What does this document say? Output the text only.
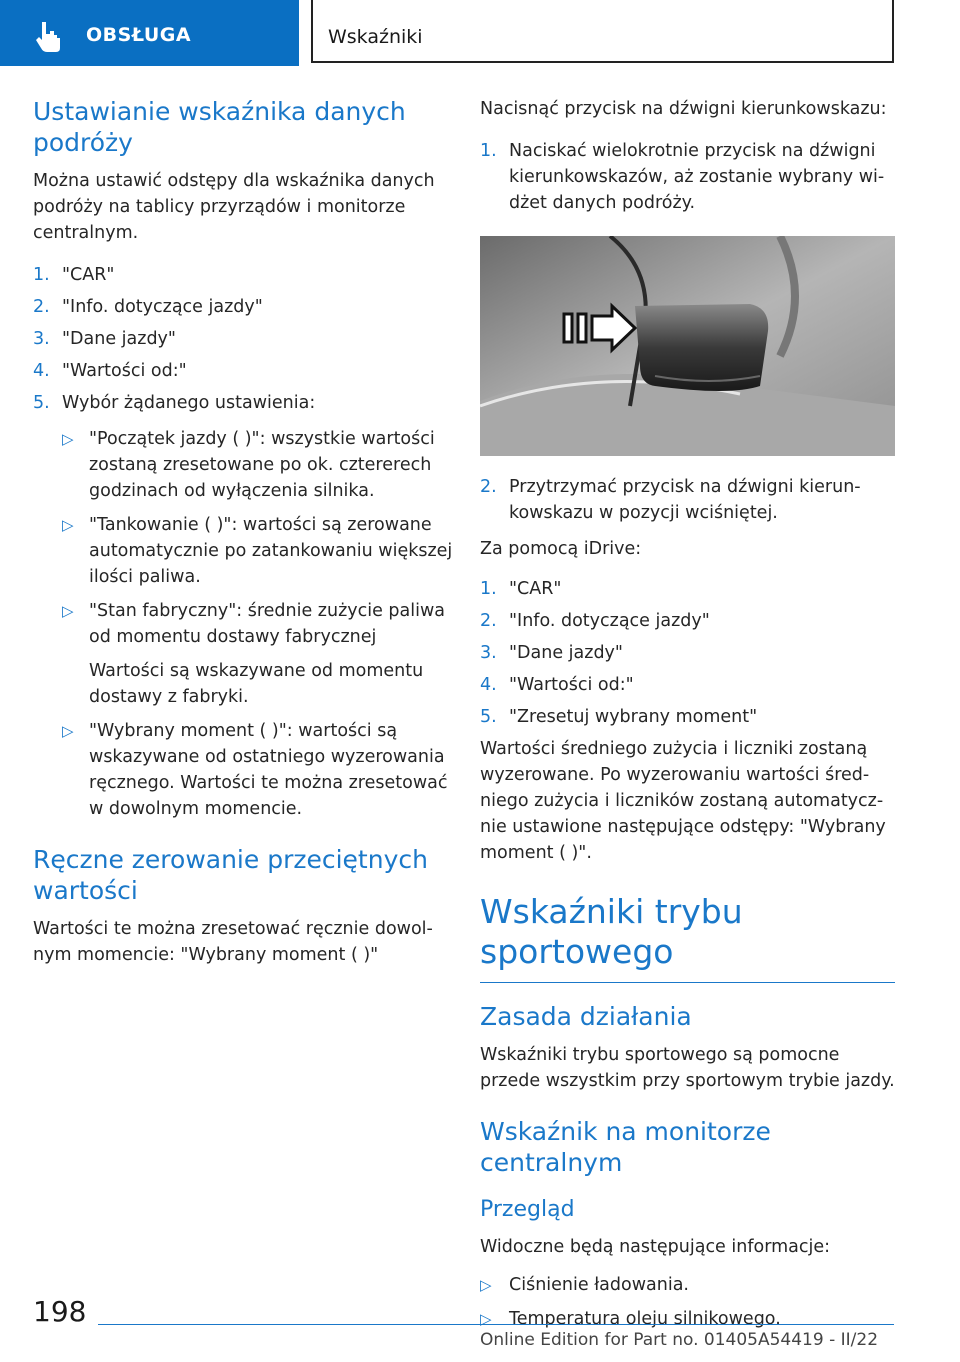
OBSŁUGA	Wskaźniki
Ustawianie wskaźnika danych podróży

Można ustawić odstępy dla wskaźnika danych podróży na tablicy przyrządów i monitorze centralnym.

1. "CAR"
2. "Info. dotyczące jazdy"
3. "Dane jazdy"
4. "Wartości od:"
5. Wybór żądanego ustawienia:
▷ "Początek jazdy ( )": wszystkie wartości zostaną zresetowane po ok. cztererech godzinach od wyłączenia silnika.
▷ "Tankowanie ( )": wartości są zerowane automatycznie po zatankowaniu większej ilości paliwa.
▷ "Stan fabryczny": średnie zużycie paliwa od momentu dostawy fabrycznej
Wartości są wskazywane od momentu dostawy z fabryki.
▷ "Wybrany moment ( )": wartości są wskazywane od ostatniego wyzerowania ręcznego. Wartości te można zresetować w dowolnym momencie.
Ręczne zerowanie przeciętnych wartości

Wartości te można zresetować ręcznie dowolnym momencie: "Wybrany moment ( )"

Nacisnąć przycisk na dźwigni kierunkowskazu:

1. Naciskać wielokrotnie przycisk na dźwigni kierunkowskazów, aż zostanie wybrany widżet danych podróży.
2. Przytrzymać przycisk na dźwigni kierunkowskazu w pozycji wciśniętej.

Za pomocą iDrive:

1. "CAR"
2. "Info. dotyczące jazdy"
3. "Dane jazdy"
4. "Wartości od:"
5. "Zresetuj wybrany moment"

Wartości średniego zużycia i liczniki zostaną wyzerowane. Po wyzerowaniu wartości średniego zużycia i liczników zostaną automatycznie ustawione następujące odstępy: "Wybrany moment ( )".

Wskaźniki trybu sportowego
Zasada działania

Wskaźniki trybu sportowego są pomocne przede wszystkim przy sportowym trybie jazdy.

Wskaźnik na monitorze centralnym
Przegląd

Widoczne będą następujące informacje:

▷ Ciśnienie ładowania.
▷ Temperatura oleju silnikowego.
198
Online Edition for Part no. 01405A54419 - II/22
